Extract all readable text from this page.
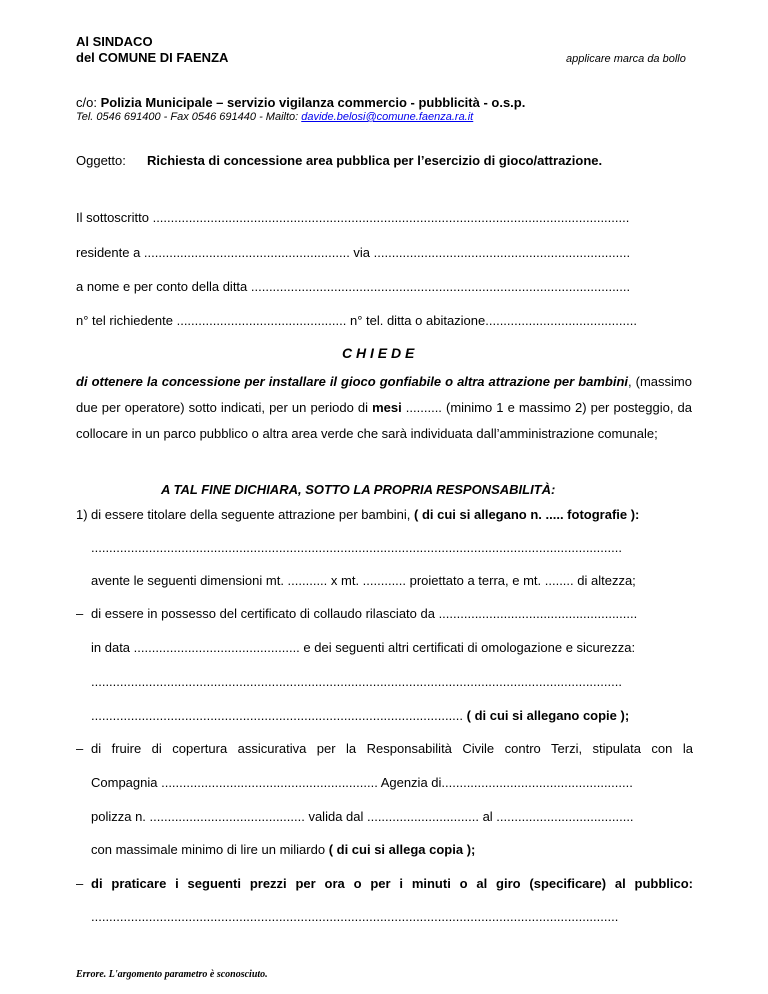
Al SINDACO
del COMUNE DI FAENZA	applicare marca da bollo
c/o: Polizia Municipale – servizio vigilanza commercio - pubblicità - o.s.p.
Tel. 0546 691400 - Fax 0546 691440 - Mailto: davide.belosi@comune.faenza.ra.it
Oggetto: Richiesta di concessione area pubblica per l’esercizio di gioco/attrazione.
Il sottoscritto ....................................................................................................................................
residente a ......................................................... via .......................................................................
a nome e per conto della ditta .........................................................................................................
n° tel richiedente ............................................... n° tel. ditta o abitazione..........................................
C H I E D E
di ottenere la concessione per installare il gioco gonfiabile o altra attrazione per bambini, (massimo due per operatore) sotto indicati, per un periodo di mesi .......... (minimo 1 e massimo 2) per posteggio, da collocare in un parco pubblico o altra area verde che sarà individuata dall’amministrazione comunale;
A TAL FINE DICHIARA, SOTTO LA PROPRIA RESPONSABILITÀ:
1) di essere titolare della seguente attrazione per bambini, ( di cui si allegano n. ..... fotografie ):
...................................................................................................................................................
avente le seguenti dimensioni mt. ........... x mt. ............ proiettato a terra, e mt. ........ di altezza;
– di essere in possesso del certificato di collaudo rilasciato da .......................................................
in data .............................................. e dei seguenti altri certificati di omologazione e sicurezza:
...................................................................................................................................................
....................................................................................................... ( di cui si allegano copie );
– di fruire di copertura assicurativa per la Responsabilità Civile contro Terzi, stipulata con la
Compagnia ............................................................ Agenzia di.....................................................
polizza n. ........................................... valida dal ............................... al ......................................
con massimale minimo di lire un miliardo ( di cui si allega copia );
– di praticare i seguenti prezzi per ora o per i minuti o al giro (specificare) al pubblico:
..................................................................................................................................................
Errore. L'argomento parametro è sconosciuto.
